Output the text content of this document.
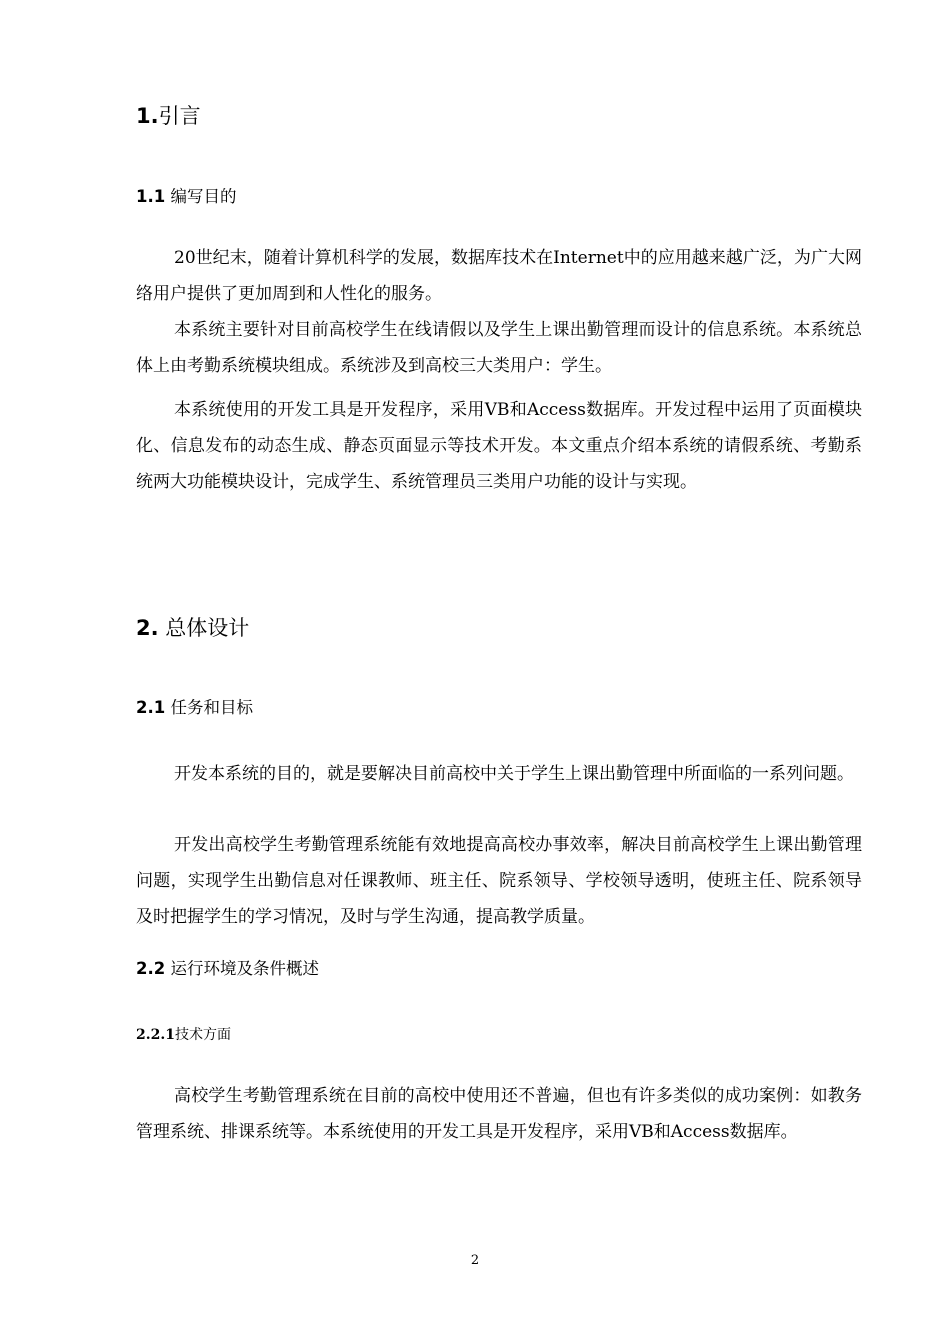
1.引言
1.1 编写目的

20世纪末，随着计算机科学的发展，数据库技术在Internet中的应用越来越广泛，为广大网络用户提供了更加周到和人性化的服务。

本系统主要针对目前高校学生在线请假以及学生上课出勤管理而设计的信息系统。本系统总体上由考勤系统模块组成。系统涉及到高校三大类用户：学生。

本系统使用的开发工具是开发程序，采用VB和Access数据库。开发过程中运用了页面模块化、信息发布的动态生成、静态页面显示等技术开发。本文重点介绍本系统的请假系统、考勤系统两大功能模块设计，完成学生、系统管理员三类用户功能的设计与实现。

2. 总体设计
2.1 任务和目标

开发本系统的目的，就是要解决目前高校中关于学生上课出勤管理中所面临的一系列问题。

开发出高校学生考勤管理系统能有效地提高高校办事效率，解决目前高校学生上课出勤管理问题，实现学生出勤信息对任课教师、班主任、院系领导、学校领导透明，使班主任、院系领导及时把握学生的学习情况，及时与学生沟通，提高教学质量。

2.2 运行环境及条件概述
2.2.1技术方面

高校学生考勤管理系统在目前的高校中使用还不普遍，但也有许多类似的成功案例：如教务管理系统、排课系统等。本系统使用的开发工具是开发程序，采用VB和Access数据库。

2
